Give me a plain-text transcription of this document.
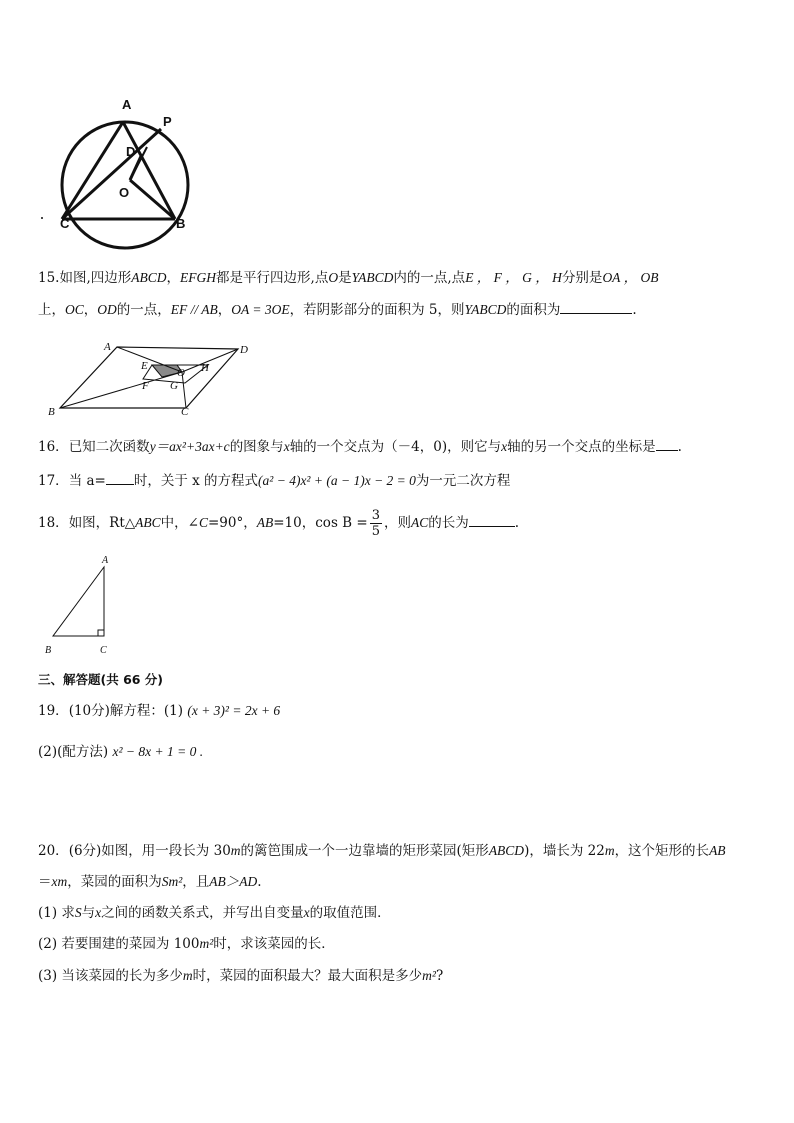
A
P
D
O
C	B
15.如图,四边形ABCD，EFGH都是平行四边形,点O是YABCD内的一点,点E ， F ， G ， H分别是OA ， OB
上，OC，OD的一点，EF // AB，OA = 3OE，若阴影部分的面积为 5，则YABCD的面积为	.
A	D
E
O H
F G
B	C
16．已知二次函数y＝ax²+3ax+c的图象与x轴的一个交点为（－4，0)，则它与x轴的另一个交点的坐标是 .
17．当 a= 时，关于 x 的方程式(a² − 4)x² + (a − 1)x − 2 = 0为一元二次方程
18．如图，Rt△ABC中，∠C=90°，AB=10，$\cos B = \frac{3}{5}$ ，则AC的长为	.
A
B	C
三、解答题(共 66 分)
19．(10分)解方程：(1) (x + 3)² = 2x + 6
(2)(配方法) x² − 8x + 1 = 0 .
20．(6分)如图，用一段长为 30m的篱笆围成一个一边靠墙的矩形菜园(矩形ABCD)，墙长为 22m，这个矩形的长AB
＝xm，菜园的面积为Sm²，且AB＞AD.
(1) 求S与x之间的函数关系式，并写出自变量x的取值范围．
(2) 若要围建的菜园为 100m²时，求该菜园的长．
(3) 当该菜园的长为多少m时，菜园的面积最大？最大面积是多少m²?
